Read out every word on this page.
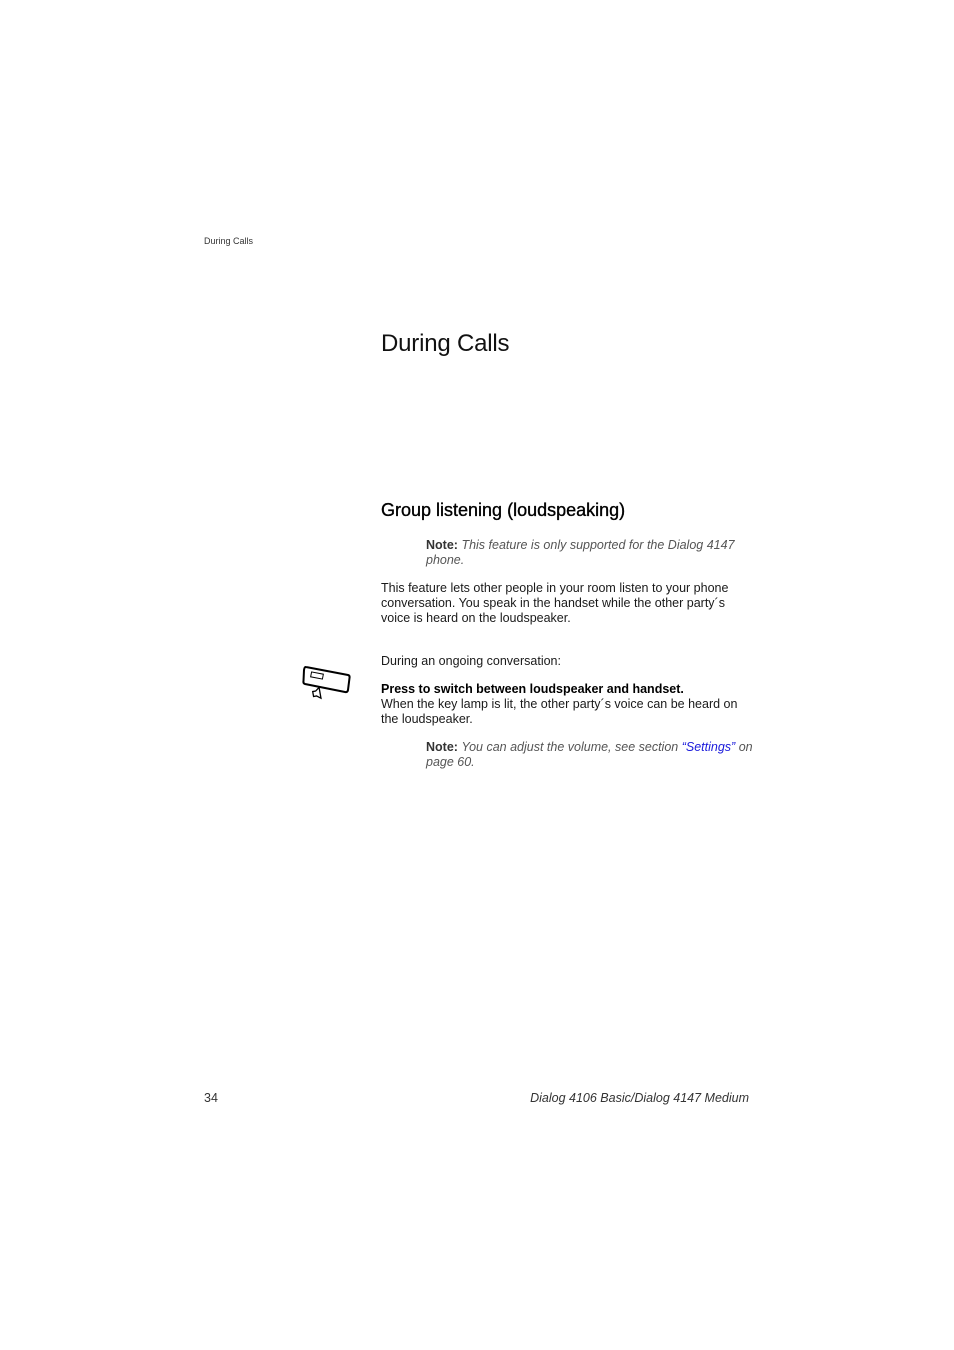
During Calls
During Calls
Group listening (loudspeaking)
Note: This feature is only supported for the Dialog 4147 phone.
This feature lets other people in your room listen to your phone conversation. You speak in the handset while the other party´s voice is heard on the loudspeaker.
During an ongoing conversation:
Press to switch between loudspeaker and handset.
When the key lamp is lit, the other party´s voice can be heard on the loudspeaker.
Note: You can adjust the volume, see section “Settings” on page 60.
34	Dialog 4106 Basic/Dialog 4147 Medium
